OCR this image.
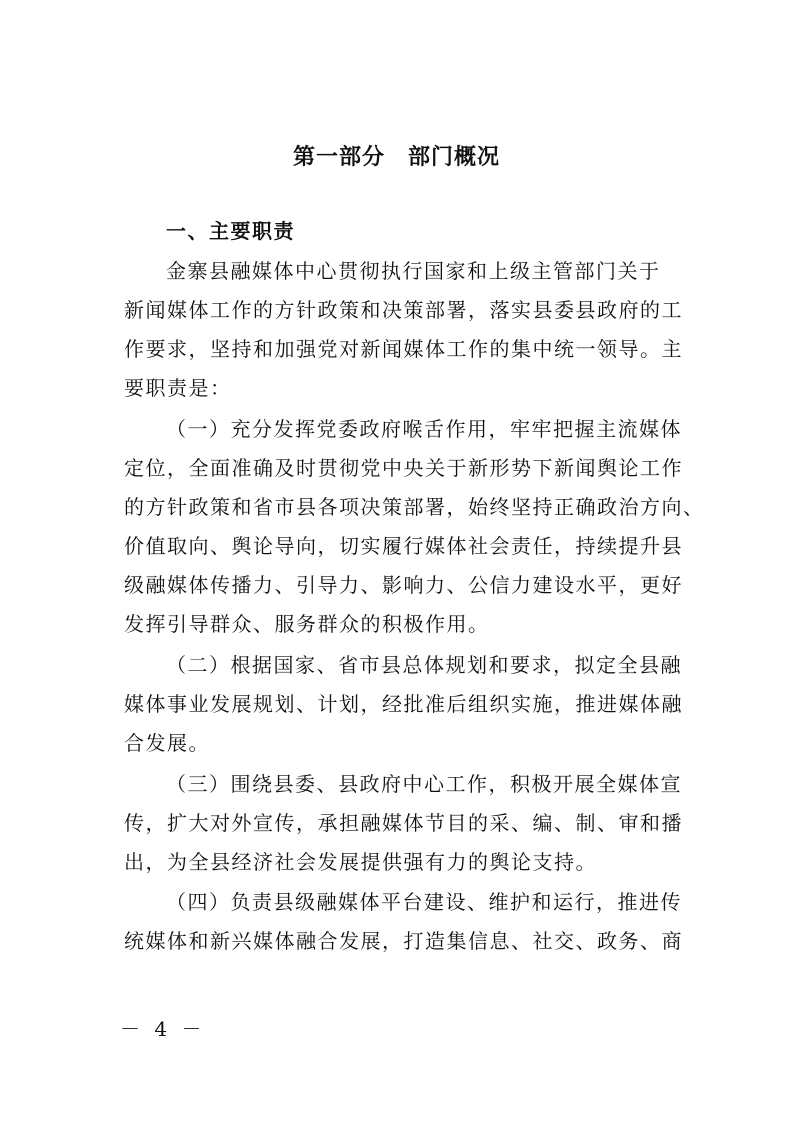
第一部分　部门概况
一、主要职责
金寨县融媒体中心贯彻执行国家和上级主管部门关于
新闻媒体工作的方针政策和决策部署，落实县委县政府的工
作要求，坚持和加强党对新闻媒体工作的集中统一领导。主
要职责是：
（一）充分发挥党委政府喉舌作用，牢牢把握主流媒体
定位，全面准确及时贯彻党中央关于新形势下新闻舆论工作
的方针政策和省市县各项决策部署，始终坚持正确政治方向、
价值取向、舆论导向，切实履行媒体社会责任，持续提升县
级融媒体传播力、引导力、影响力、公信力建设水平，更好
发挥引导群众、服务群众的积极作用。
（二）根据国家、省市县总体规划和要求，拟定全县融
媒体事业发展规划、计划，经批准后组织实施，推进媒体融
合发展。
（三）围绕县委、县政府中心工作，积极开展全媒体宣
传，扩大对外宣传，承担融媒体节目的采、编、制、审和播
出，为全县经济社会发展提供强有力的舆论支持。
（四）负责县级融媒体平台建设、维护和运行，推进传
统媒体和新兴媒体融合发展，打造集信息、社交、政务、商
－ 4 －
